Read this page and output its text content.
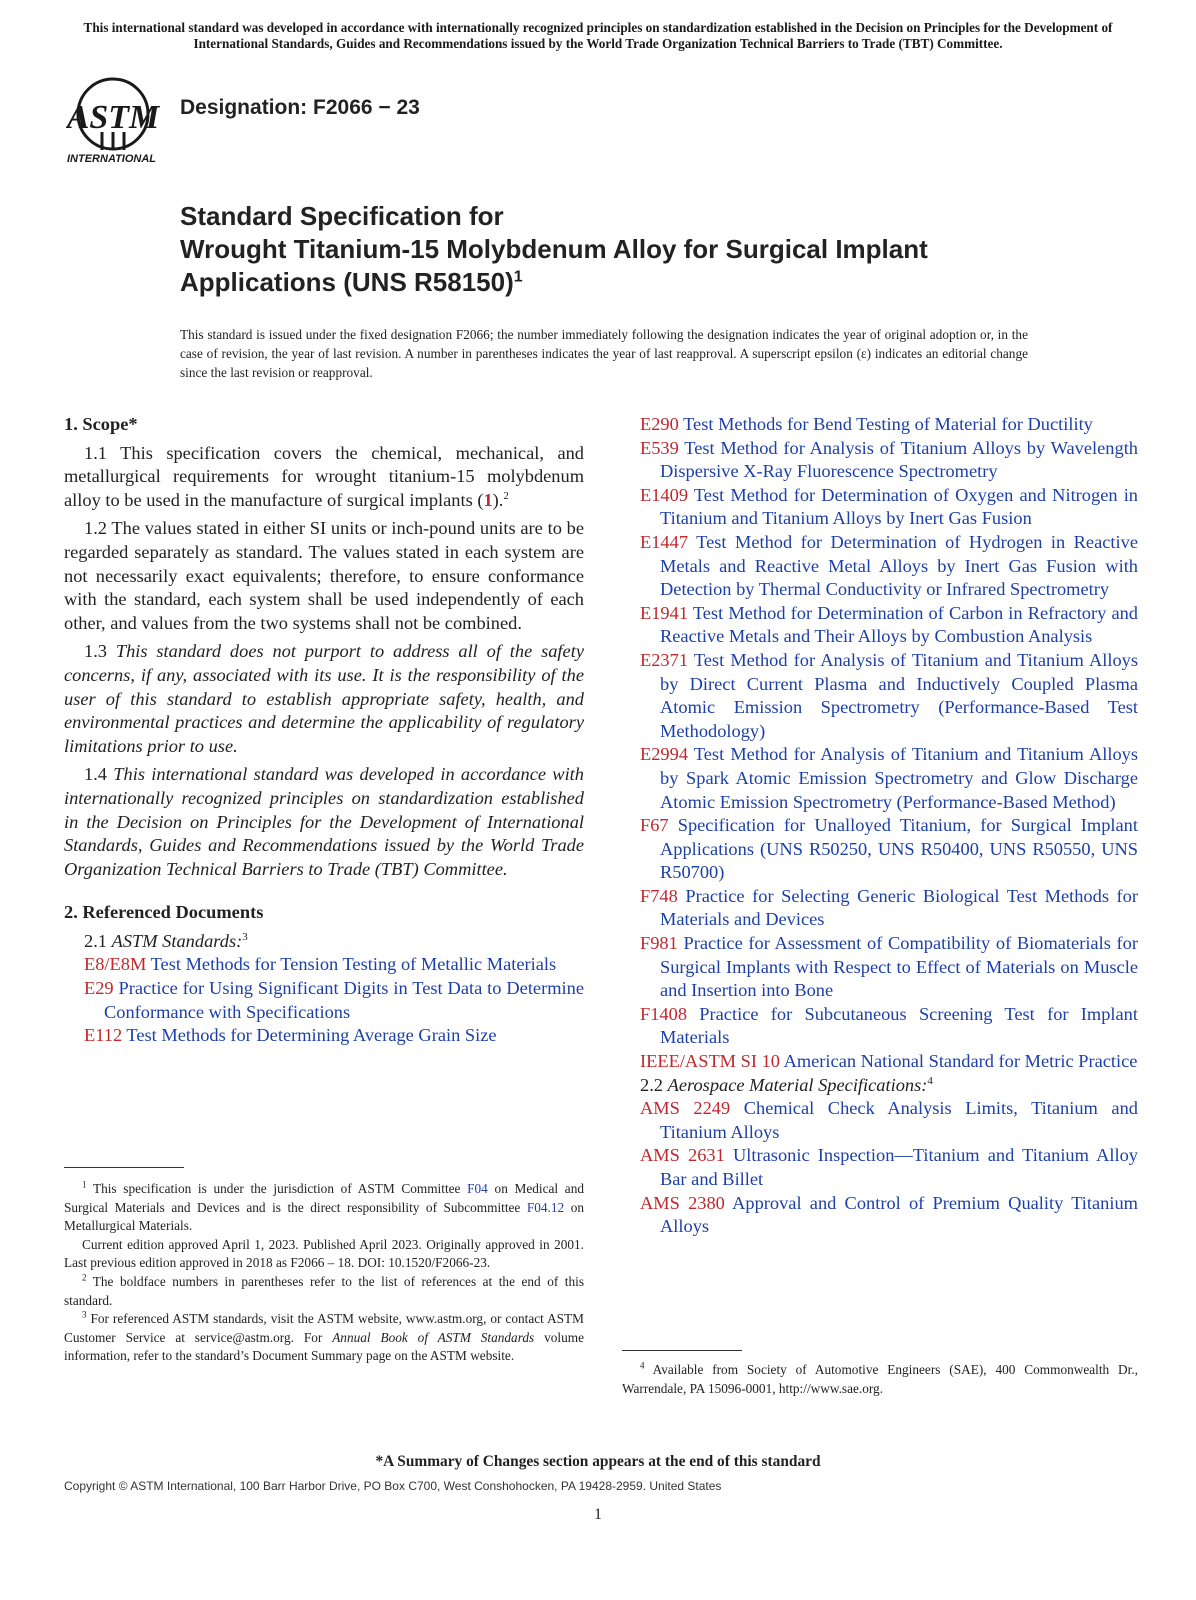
This international standard was developed in accordance with internationally recognized principles on standardization established in the Decision on Principles for the Development of International Standards, Guides and Recommendations issued by the World Trade Organization Technical Barriers to Trade (TBT) Committee.
ASTM
INTERNATIONAL
Designation: F2066 − 23
Standard Specification for
Wrought Titanium-15 Molybdenum Alloy for Surgical Implant
Applications (UNS R58150)$^1$
This standard is issued under the fixed designation F2066; the number immediately following the designation indicates the year of original adoption or, in the case of revision, the year of last revision. A number in parentheses indicates the year of last reapproval. A superscript epsilon (ε) indicates an editorial change since the last revision or reapproval.
1. Scope*

1.1 This specification covers the chemical, mechanical, and metallurgical requirements for wrought titanium-15 molybdenum alloy to be used in the manufacture of surgical implants (1).$^2$

1.2 The values stated in either SI units or inch-pound units are to be regarded separately as standard. The values stated in each system are not necessarily exact equivalents; therefore, to ensure conformance with the standard, each system shall be used independently of each other, and values from the two systems shall not be combined.

1.3 This standard does not purport to address all of the safety concerns, if any, associated with its use. It is the responsibility of the user of this standard to establish appropriate safety, health, and environmental practices and determine the applicability of regulatory limitations prior to use.

1.4 This international standard was developed in accordance with internationally recognized principles on standardization established in the Decision on Principles for the Development of International Standards, Guides and Recommendations issued by the World Trade Organization Technical Barriers to Trade (TBT) Committee.

2. Referenced Documents

2.1 ASTM Standards:$^3$

E8/E8M Test Methods for Tension Testing of Metallic Materials

E29 Practice for Using Significant Digits in Test Data to Determine Conformance with Specifications

E112 Test Methods for Determining Average Grain Size

E290 Test Methods for Bend Testing of Material for Ductility

E539 Test Method for Analysis of Titanium Alloys by Wavelength Dispersive X-Ray Fluorescence Spectrometry

E1409 Test Method for Determination of Oxygen and Nitrogen in Titanium and Titanium Alloys by Inert Gas Fusion

E1447 Test Method for Determination of Hydrogen in Reactive Metals and Reactive Metal Alloys by Inert Gas Fusion with Detection by Thermal Conductivity or Infrared Spectrometry

E1941 Test Method for Determination of Carbon in Refractory and Reactive Metals and Their Alloys by Combustion Analysis

E2371 Test Method for Analysis of Titanium and Titanium Alloys by Direct Current Plasma and Inductively Coupled Plasma Atomic Emission Spectrometry (Performance-Based Test Methodology)

E2994 Test Method for Analysis of Titanium and Titanium Alloys by Spark Atomic Emission Spectrometry and Glow Discharge Atomic Emission Spectrometry (Performance-Based Method)

F67 Specification for Unalloyed Titanium, for Surgical Implant Applications (UNS R50250, UNS R50400, UNS R50550, UNS R50700)

F748 Practice for Selecting Generic Biological Test Methods for Materials and Devices

F981 Practice for Assessment of Compatibility of Biomaterials for Surgical Implants with Respect to Effect of Materials on Muscle and Insertion into Bone

F1408 Practice for Subcutaneous Screening Test for Implant Materials

IEEE/ASTM SI 10 American National Standard for Metric Practice

2.2 Aerospace Material Specifications:$^4$

AMS 2249 Chemical Check Analysis Limits, Titanium and Titanium Alloys

AMS 2631 Ultrasonic Inspection—Titanium and Titanium Alloy Bar and Billet

AMS 2380 Approval and Control of Premium Quality Titanium Alloys

$^1$ This specification is under the jurisdiction of ASTM Committee F04 on Medical and Surgical Materials and Devices and is the direct responsibility of Subcommittee F04.12 on Metallurgical Materials.

Current edition approved April 1, 2023. Published April 2023. Originally approved in 2001. Last previous edition approved in 2018 as F2066 – 18. DOI: 10.1520/F2066-23.

$^2$ The boldface numbers in parentheses refer to the list of references at the end of this standard.

$^3$ For referenced ASTM standards, visit the ASTM website, www.astm.org, or contact ASTM Customer Service at service@astm.org. For Annual Book of ASTM Standards volume information, refer to the standard’s Document Summary page on the ASTM website.

$^4$ Available from Society of Automotive Engineers (SAE), 400 Commonwealth Dr., Warrendale, PA 15096-0001, http://www.sae.org.

*A Summary of Changes section appears at the end of this standard
Copyright © ASTM International, 100 Barr Harbor Drive, PO Box C700, West Conshohocken, PA 19428-2959. United States
1
